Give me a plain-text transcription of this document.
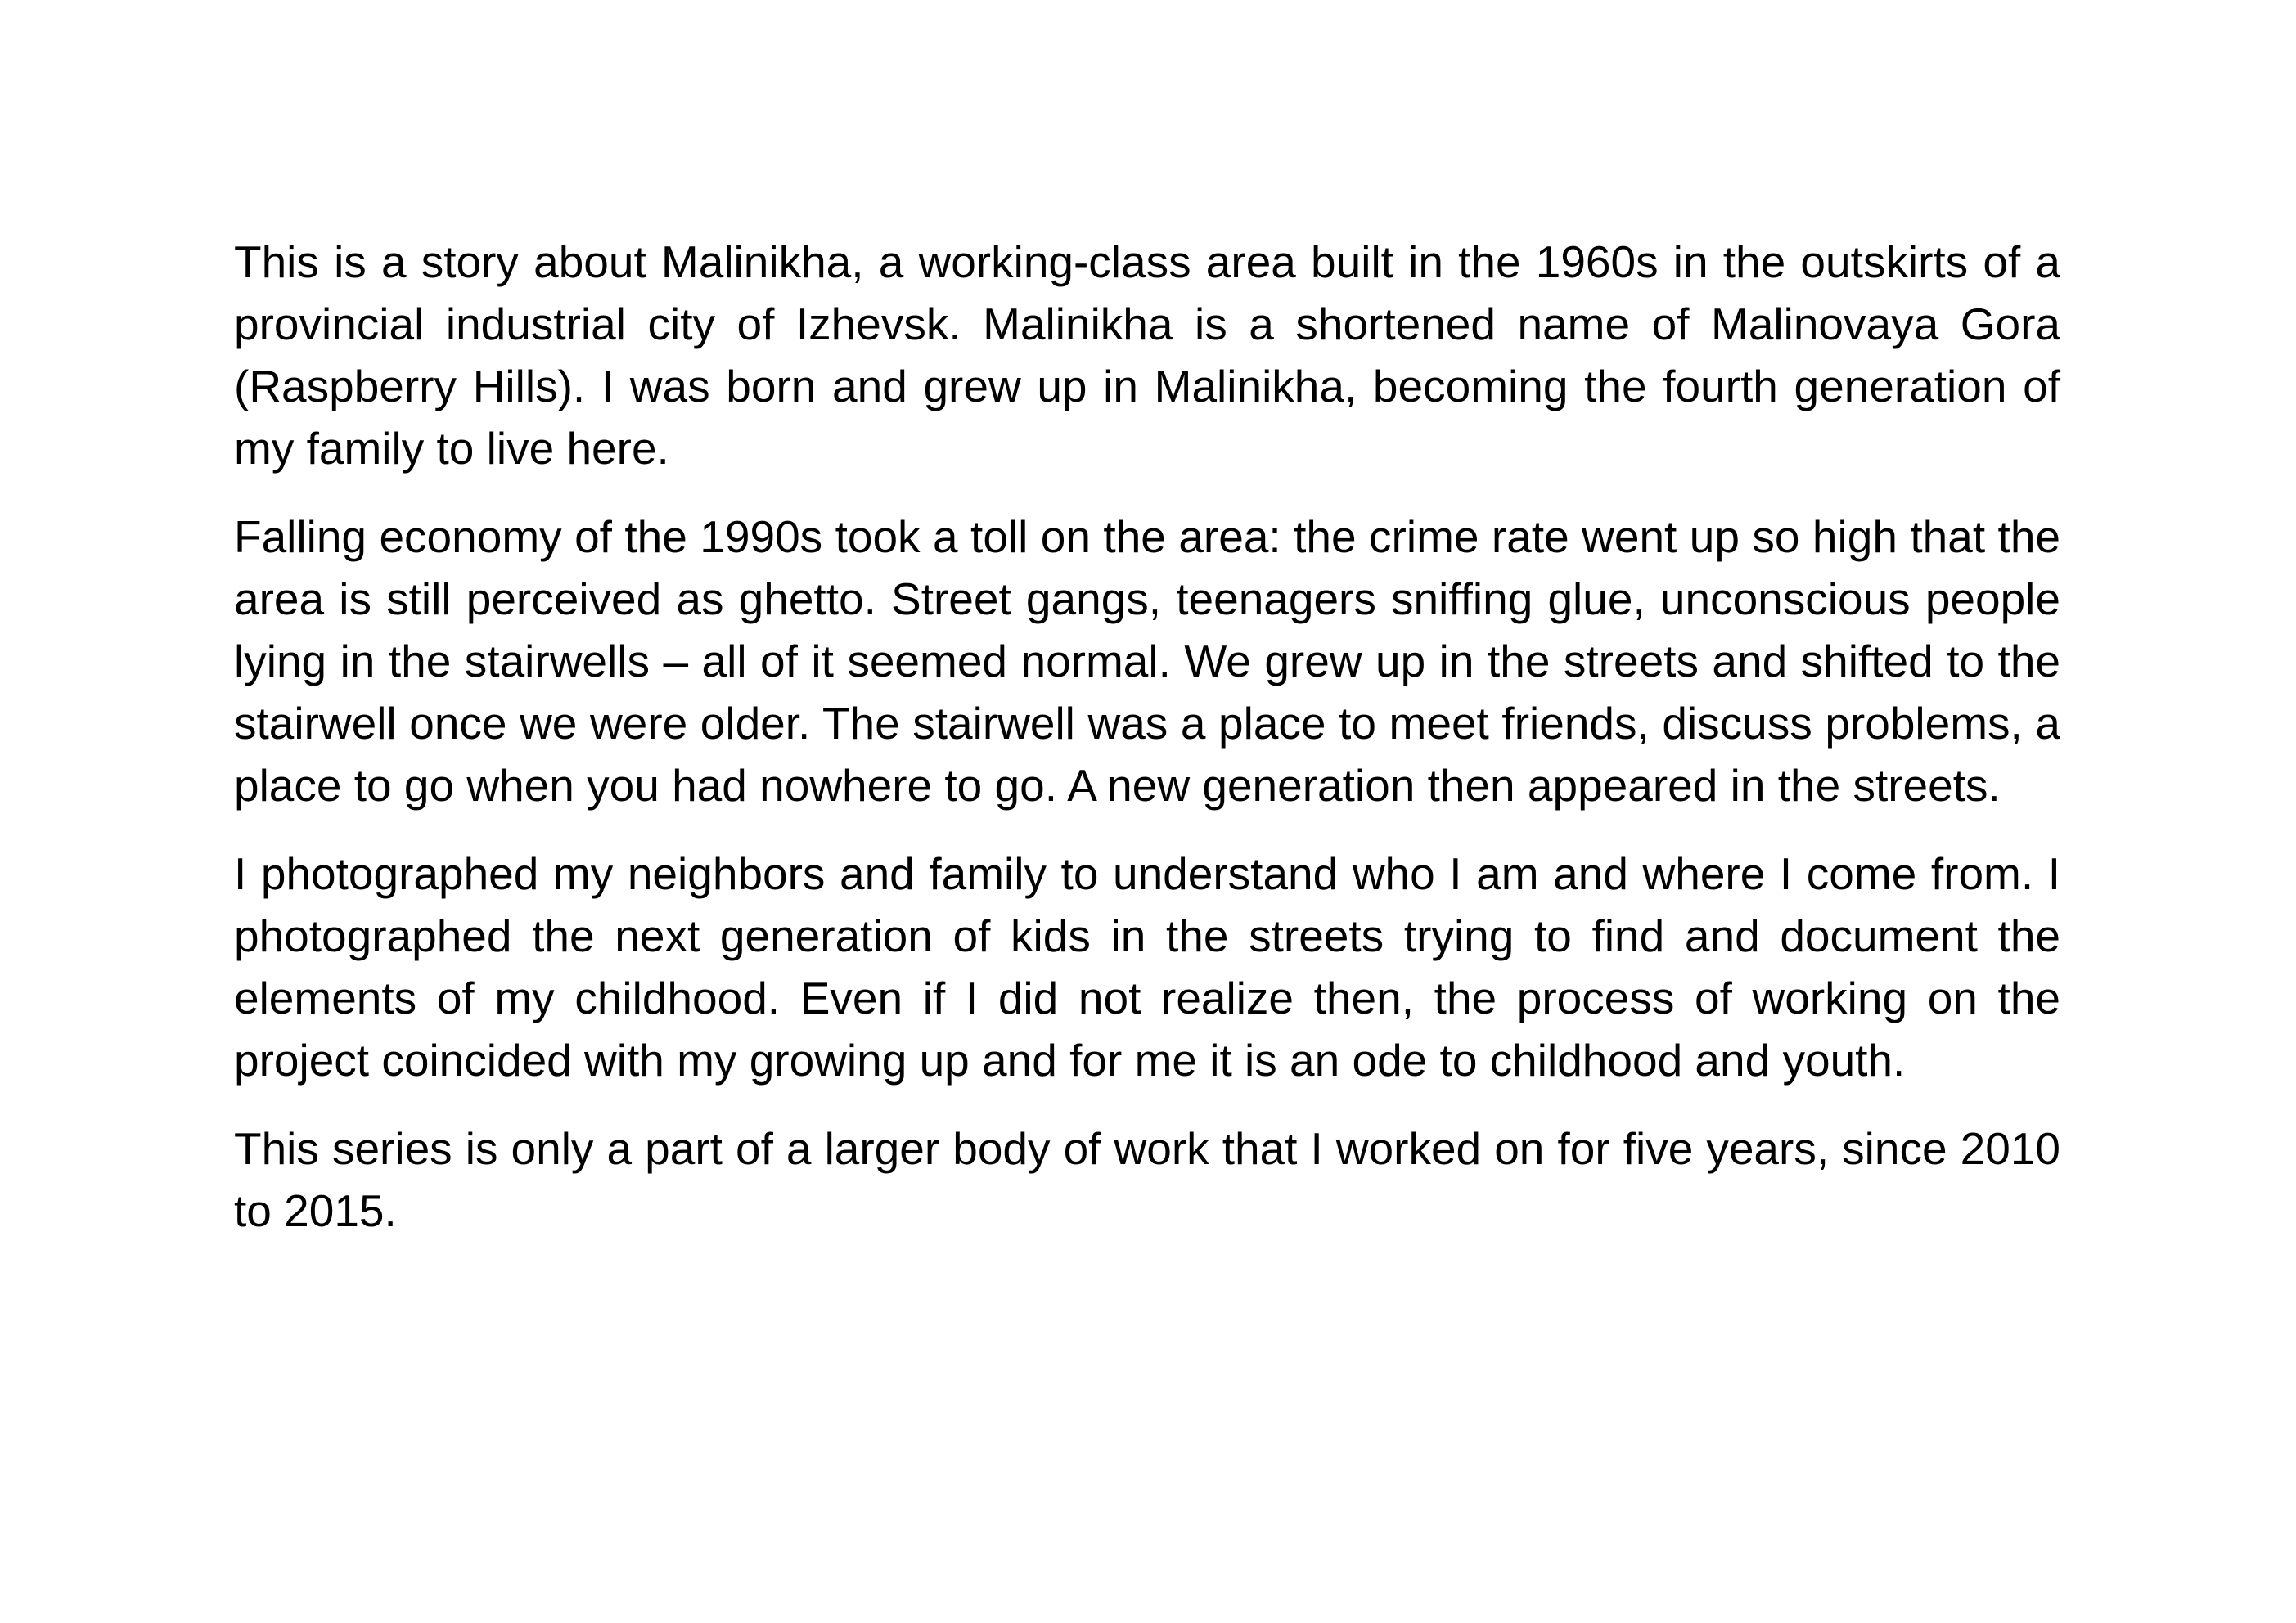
This is a story about Malinikha, a working-class area built in the 1960s in the outskirts of a provincial industrial city of Izhevsk. Malinikha is a shortened name of Malinovaya Gora (Raspberry Hills). I was born and grew up in Malinikha, becoming the fourth generation of my family to live here.

Falling economy of the 1990s took a toll on the area: the crime rate went up so high that the area is still perceived as ghetto. Street gangs, teenagers sniffing glue, unconscious people lying in the stairwells – all of it seemed normal. We grew up in the streets and shifted to the stairwell once we were older. The stairwell was a place to meet friends, discuss problems, a place to go when you had nowhere to go. A new generation then appeared in the streets.

I photographed my neighbors and family to understand who I am and where I come from. I photographed the next generation of kids in the streets trying to find and document the elements of my childhood. Even if I did not realize then, the process of working on the project coincided with my growing up and for me it is an ode to childhood and youth.

This series is only a part of a larger body of work that I worked on for five years, since 2010 to 2015.
